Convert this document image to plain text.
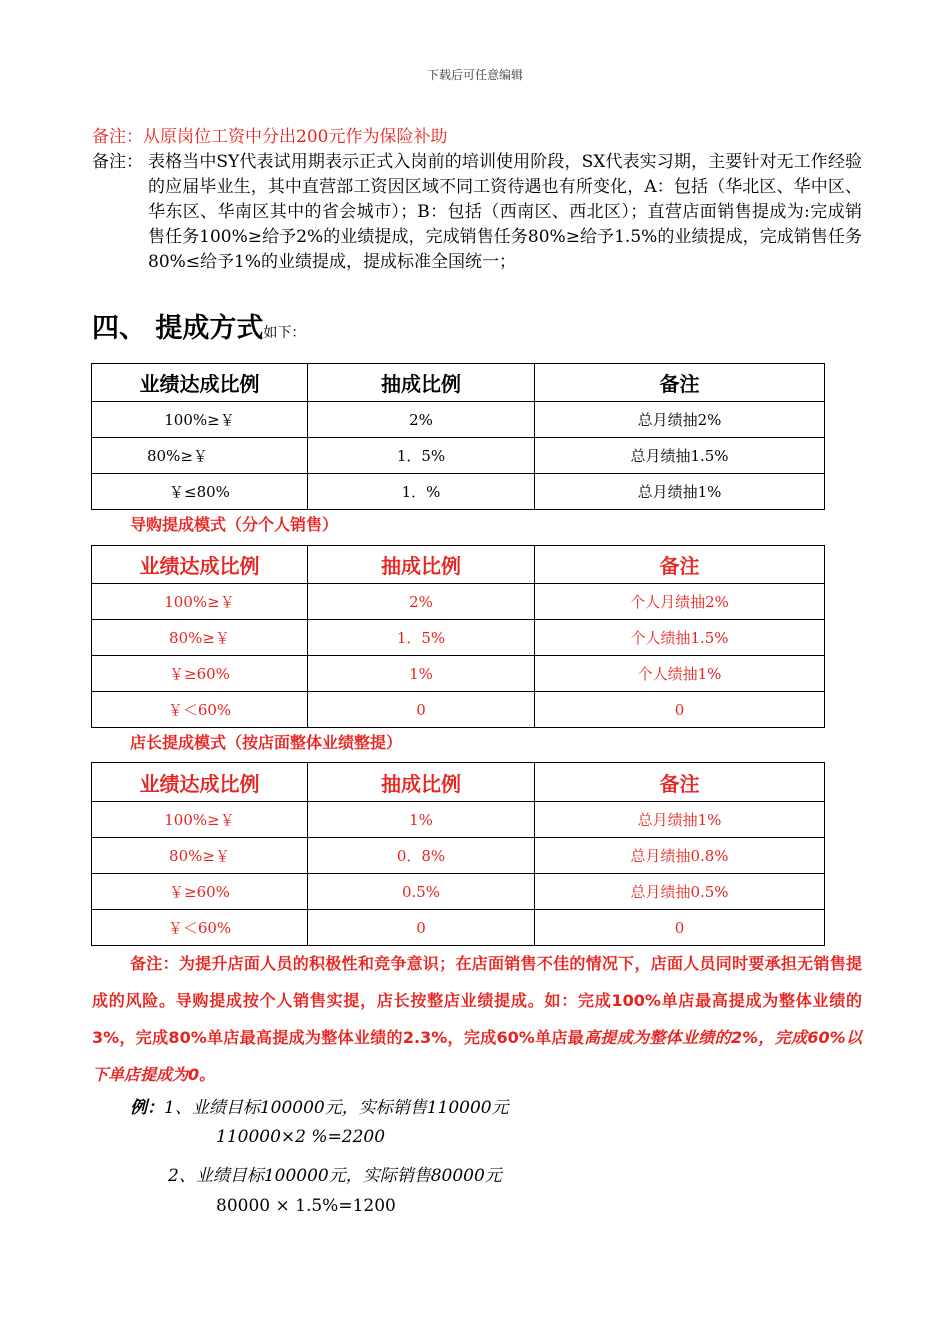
下载后可任意编辑
备注：从原岗位工资中分出200元作为保险补助
备注： 表格当中SY代表试用期表示正式入岗前的培训使用阶段，SX代表实习期，主要针对无工作经验的应届毕业生，其中直营部工资因区域不同工资待遇也有所变化，A：包括（华北区、华中区、华东区、华南区其中的省会城市）；B：包括（西南区、西北区）；直营店面销售提成为:完成销售任务100%≥给予2%的业绩提成，完成销售任务80%≥给予1.5%的业绩提成，完成销售任务80%≤给予1%的业绩提成，提成标准全国统一；
四、 提成方式如下：
业绩达成比例	抽成比例	备注
100%≥￥	2%	总月绩抽2%
80%≥￥	1．5%	总月绩抽1.5%
￥≤80%	1．%	总月绩抽1%
导购提成模式（分个人销售）
业绩达成比例	抽成比例	备注
100%≥￥	2%	个人月绩抽2%
80%≥￥	1．5%	个人绩抽1.5%
￥≥60%	1%	个人绩抽1%
￥＜60%	0	0
店长提成模式（按店面整体业绩整提）
业绩达成比例	抽成比例	备注
100%≥￥	1%	总月绩抽1%
80%≥￥	0．8%	总月绩抽0.8%
￥≥60%	0.5%	总月绩抽0.5%
￥＜60%	0	0
备注：为提升店面人员的积极性和竞争意识；在店面销售不佳的情况下，店面人员同时要承担无销售提成的风险。导购提成按个人销售实提，店长按整店业绩提成。如：完成100%单店最高提成为整体业绩的3%，完成80%单店最高提成为整体业绩的2.3%，完成60%单店最高提成为整体业绩的2%，完成60%以下单店提成为0。
例：1、业绩目标100000元，实标销售110000元
110000×2 %=2200
2、业绩目标100000元，实际销售80000元
80000 × 1.5%=1200
